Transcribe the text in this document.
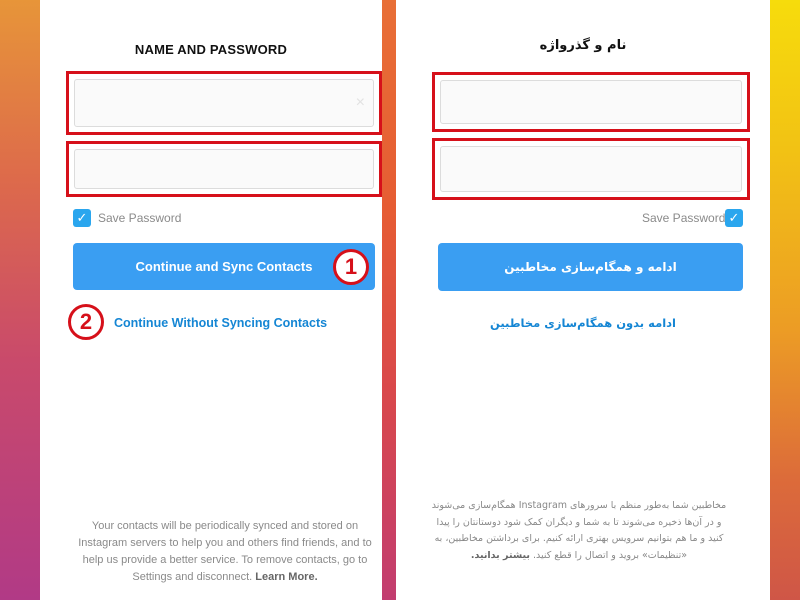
NAME AND PASSWORD
×
✓ Save Password
Continue and Sync Contacts	1
2	Continue Without Syncing Contacts
Your contacts will be periodically synced and stored on Instagram servers to help you and others find friends, and to help us provide a better service. To remove contacts, go to Settings and disconnect. Learn More.
نام و گذرواژه
Save Password ✓
ادامه و همگام‌سازی مخاطبین
ادامه بدون همگام‌سازی مخاطبین
مخاطبین شما به‌طور منظم با سرورهای Instagram همگام‌سازی می‌شوند و در آن‌ها ذخیره می‌شوند تا به شما و دیگران کمک شود دوستانتان را پیدا کنید و ما هم بتوانیم سرویس بهتری ارائه کنیم. برای برداشتن مخاطبین، به «تنظیمات» بروید و اتصال را قطع کنید. بیشتر بدانید.
